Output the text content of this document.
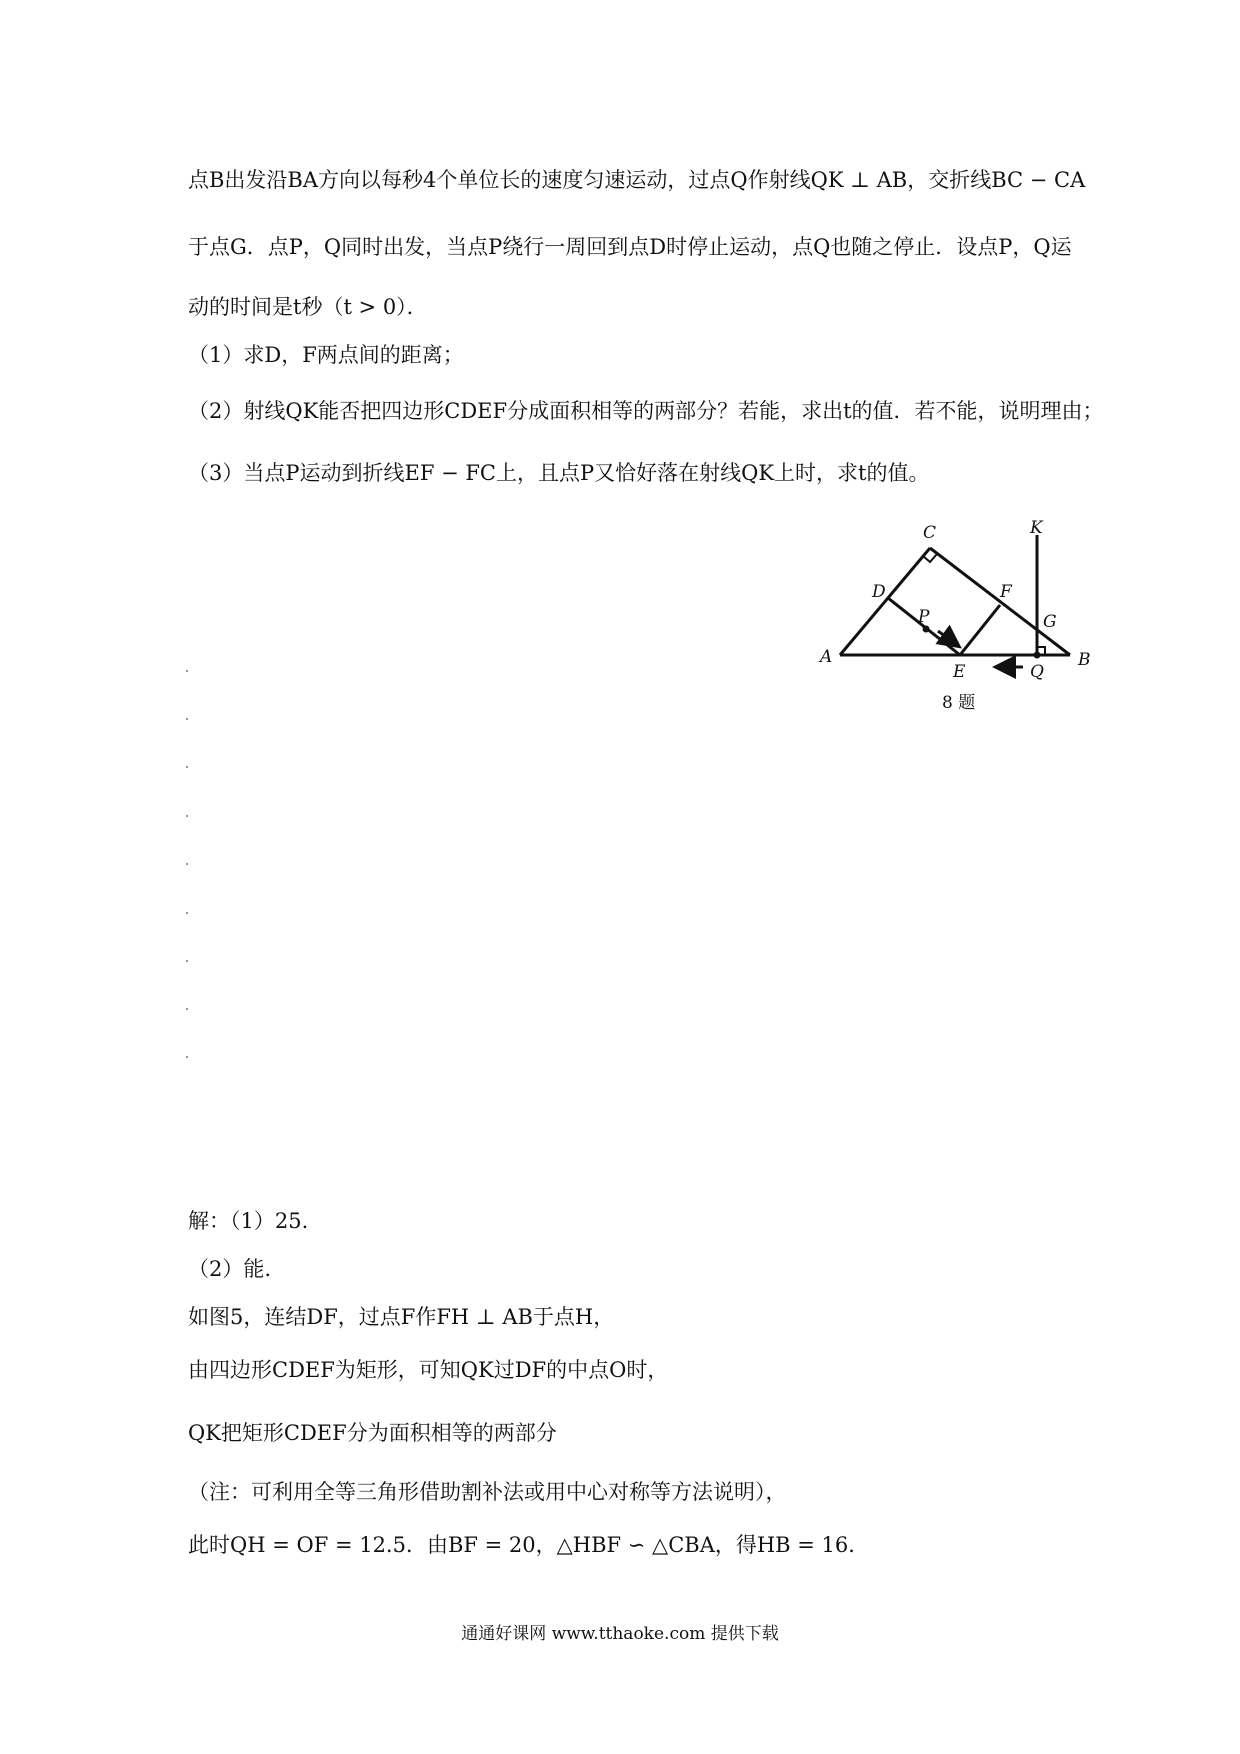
点B出发沿BA方向以每秒4个单位长的速度匀速运动，过点Q作射线QK ⊥ AB，交折线BC − CA
于点G．点P，Q同时出发，当点P绕行一周回到点D时停止运动，点Q也随之停止．设点P，Q运
动的时间是t秒（t > 0）．
（1）求D，F两点间的距离；
（2）射线QK能否把四边形CDEF分成面积相等的两部分？若能，求出t的值．若不能，说明理由；
（3）当点P运动到折线EF − FC上，且点P又恰好落在射线QK上时，求t的值。
A	B
C
D
E
F
G
K
P
Q
8 题
解：（1）25.
（2）能.
如图5，连结DF，过点F作FH ⊥ AB于点H，
由四边形CDEF为矩形，可知QK过DF的中点O时，
QK把矩形CDEF分为面积相等的两部分
（注：可利用全等三角形借助割补法或用中心对称等方法说明），
此时QH = OF = 12.5．由BF = 20，△HBF ∽ △CBA，得HB = 16．
通通好课网 www.tthaoke.com 提供下载
